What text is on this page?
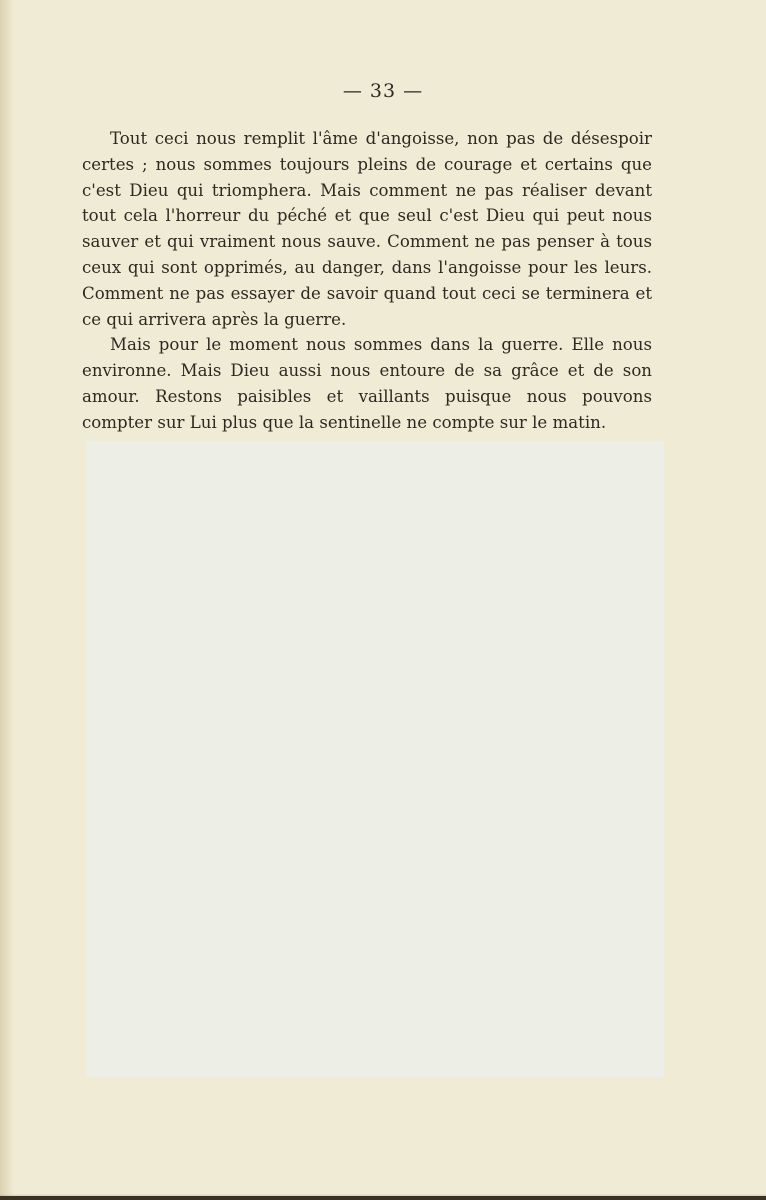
— 33 —

Tout ceci nous remplit l'âme d'angoisse, non pas de désespoir certes ; nous sommes toujours pleins de courage et certains que c'est Dieu qui triomphera. Mais comment ne pas réaliser devant tout cela l'horreur du péché et que seul c'est Dieu qui peut nous sauver et qui vraiment nous sauve. Comment ne pas penser à tous ceux qui sont opprimés, au danger, dans l'angoisse pour les leurs. Comment ne pas essayer de savoir quand tout ceci se terminera et ce qui arrivera après la guerre.

Mais pour le moment nous sommes dans la guerre. Elle nous environne. Mais Dieu aussi nous entoure de sa grâce et de son amour. Restons paisibles et vaillants puisque nous pouvons compter sur Lui plus que la sentinelle ne compte sur le matin.
